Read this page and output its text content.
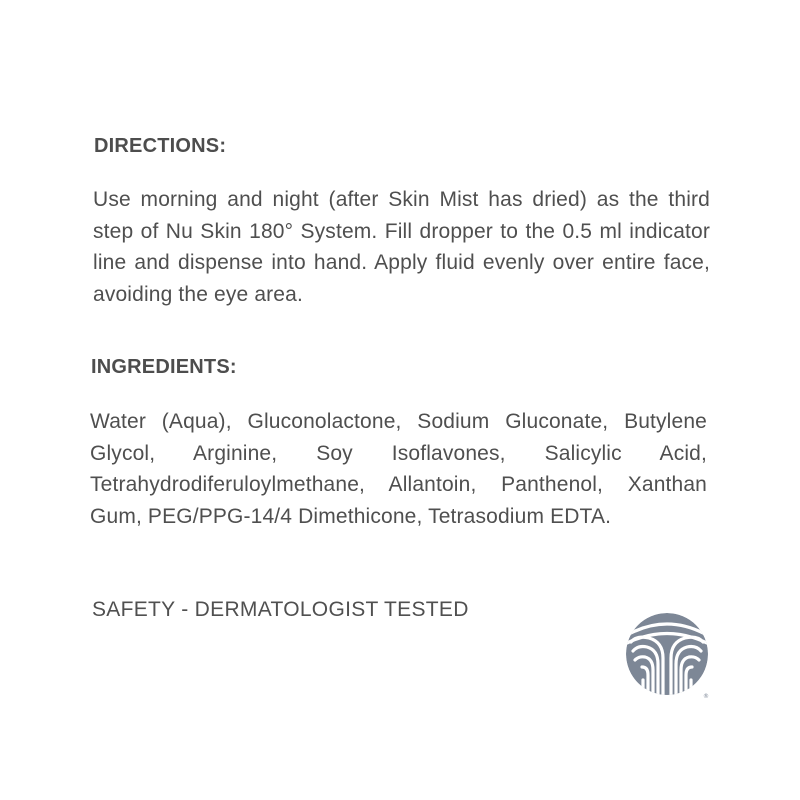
DIRECTIONS:

Use morning and night (after Skin Mist has dried) as the third step of Nu Skin 180° System. Fill dropper to the 0.5 ml indicator line and dispense into hand. Apply fluid evenly over entire face, avoiding the eye area.

INGREDIENTS:

Water (Aqua), Gluconolactone, Sodium Gluconate, Butylene Glycol, Arginine, Soy Isoflavones, Salicylic Acid, Tetrahydrodiferuloylmethane, Allantoin, Panthenol, Xanthan Gum, PEG/PPG-14/4 Dimethicone, Tetrasodium EDTA.

SAFETY - DERMATOLOGIST TESTED

®
